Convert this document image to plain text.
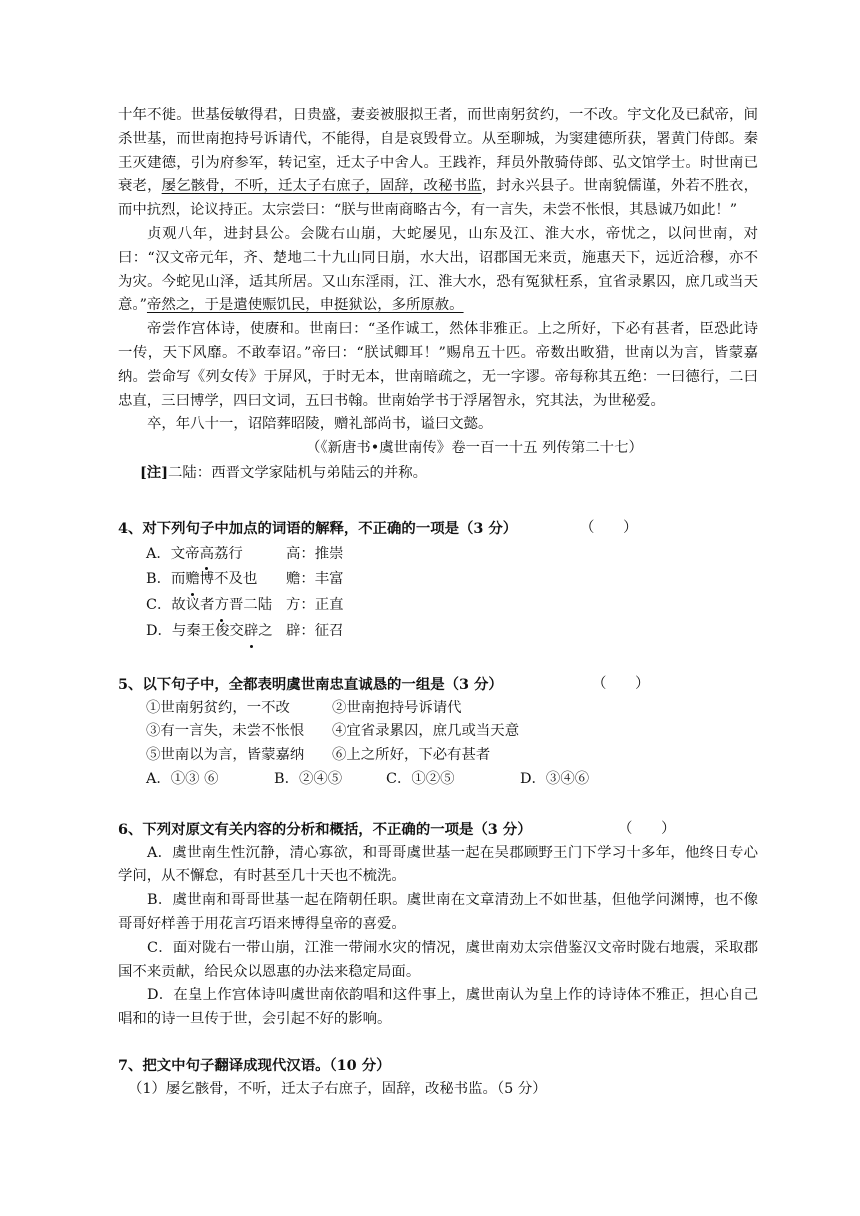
十年不徙。世基佞敏得君，日贵盛，妻妾被服拟王者，而世南躬贫约，一不改。宇文化及已弑帝，间杀世基，而世南抱持号诉请代，不能得，自是哀毁骨立。从至聊城，为窦建德所获，署黄门侍郎。秦王灭建德，引为府参军，转记室，迁太子中舍人。王践祚，拜员外散骑侍郎、弘文馆学士。时世南已衰老，屡乞骸骨，不听，迁太子右庶子，固辞，改秘书监，封永兴县子。世南貌儒谨，外若不胜衣，而中抗烈，论议持正。太宗尝曰：“朕与世南商略古今，有一言失，未尝不怅恨，其恳诚乃如此！”

贞观八年，进封县公。会陇右山崩，大蛇屡见，山东及江、淮大水，帝忧之，以问世南，对曰：“汉文帝元年，齐、楚地二十九山同日崩，水大出，诏郡国无来贡，施惠天下，远近洽穆，亦不为灾。今蛇见山泽，适其所居。又山东淫雨，江、淮大水，恐有冤狱枉系，宜省录累囚，庶几或当天意。”帝然之，于是遣使赈饥民，申挺狱讼，多所原赦。

帝尝作宫体诗，使赓和。世南曰：“圣作诚工，然体非雅正。上之所好，下必有甚者，臣恐此诗一传，天下风靡。不敢奉诏。”帝曰：“朕试卿耳！”赐帛五十匹。帝数出畋猎，世南以为言，皆蒙嘉纳。尝命写《列女传》于屏风，于时无本，世南暗疏之，无一字谬。帝每称其五绝：一曰德行，二曰忠直，三曰博学，四曰文词，五曰书翰。世南始学书于浮屠智永，究其法，为世秘爱。

卒，年八十一，诏陪葬昭陵，赠礼部尚书，谥曰文懿。

（《新唐书•虞世南传》卷一百一十五 列传第二十七）

[注]二陆：西晋文学家陆机与弟陆云的并称。

4、对下列句子中加点的词语的解释，不正确的一项是（3 分）	（　　）

A．文帝高荔行	高：推崇

B．而赡博不及也 赡：丰富

C．故议者方晋二陆 方：正直

D．与秦王俊交辟之 辟：征召

5、以下句子中，全都表明虞世南忠直诚恳的一组是（3 分）	（　　）

①世南躬贫约，一不改	②世南抱持号诉请代

③有一言失，未尝不怅恨 ④宜省录累囚，庶几或当天意

⑤世南以为言，皆蒙嘉纳 ⑥上之所好，下必有甚者

A．①③ ⑥	B．②④⑤	C．①②⑤	D．③④⑥

6、下列对原文有关内容的分析和概括，不正确的一项是（3 分）	（　　）

A．虞世南生性沉静，清心寡欲，和哥哥虞世基一起在吴郡顾野王门下学习十多年，他终日专心学问，从不懈怠，有时甚至几十天也不梳洗。

B．虞世南和哥哥世基一起在隋朝任职。虞世南在文章清劲上不如世基，但他学问渊博，也不像哥哥好样善于用花言巧语来博得皇帝的喜爱。

C．面对陇右一带山崩，江淮一带闹水灾的情况，虞世南劝太宗借鉴汉文帝时陇右地震，采取郡国不来贡献，给民众以恩惠的办法来稳定局面。

D．在皇上作宫体诗叫虞世南依韵唱和这件事上，虞世南认为皇上作的诗诗体不雅正，担心自己唱和的诗一旦传于世，会引起不好的影响。

7、把文中句子翻译成现代汉语。（10 分）

（1）屡乞骸骨，不听，迁太子右庶子，固辞，改秘书监。（5 分）
